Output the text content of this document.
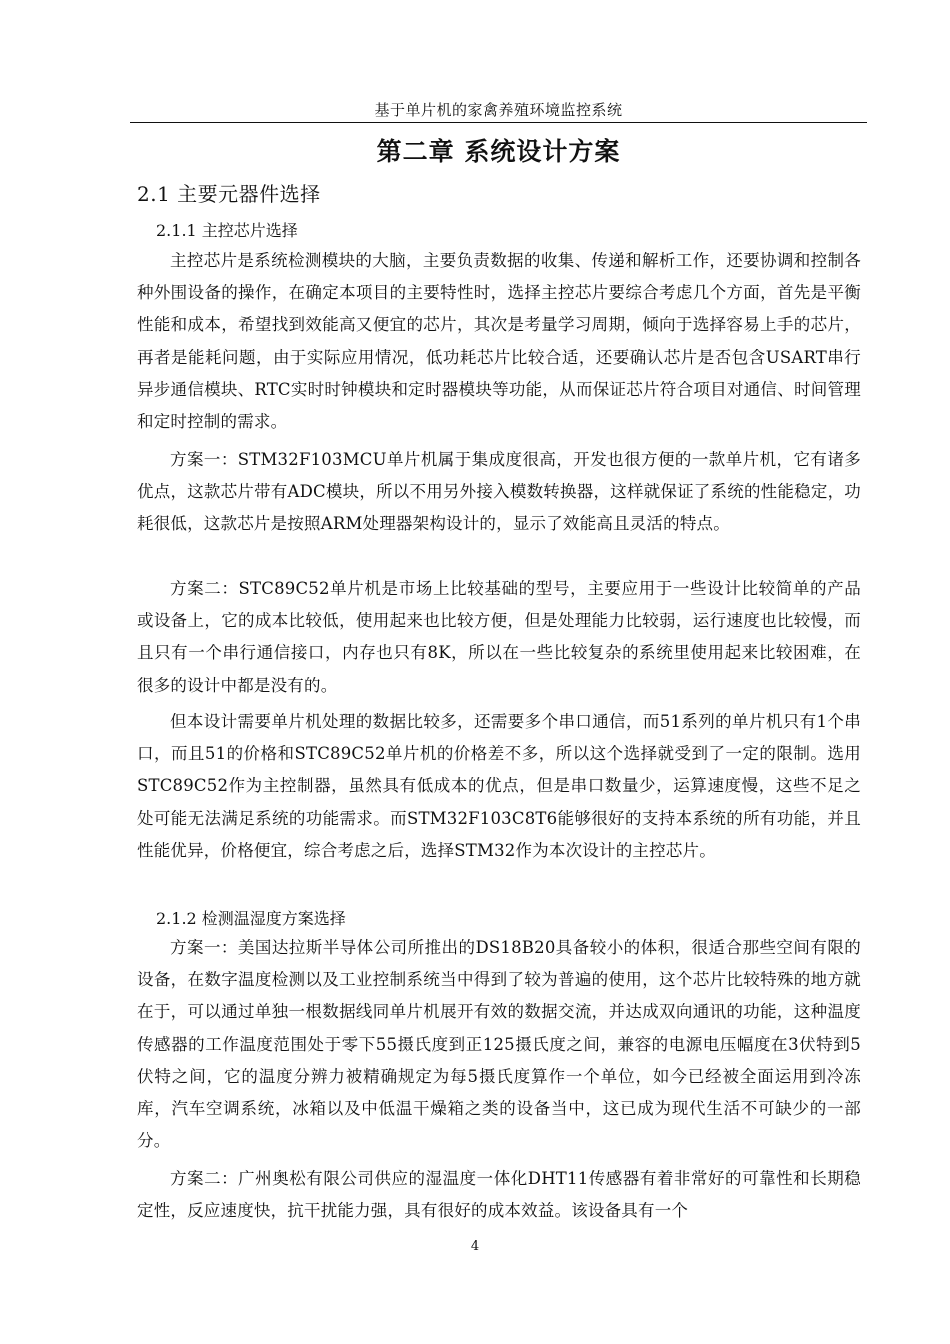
基于单片机的家禽养殖环境监控系统
第二章 系统设计方案
2.1 主要元器件选择
2.1.1 主控芯片选择

主控芯片是系统检测模块的大脑，主要负责数据的收集、传递和解析工作，还要协调和控制各种外围设备的操作，在确定本项目的主要特性时，选择主控芯片要综合考虑几个方面，首先是平衡性能和成本，希望找到效能高又便宜的芯片，其次是考量学习周期，倾向于选择容易上手的芯片，再者是能耗问题，由于实际应用情况，低功耗芯片比较合适，还要确认芯片是否包含USART串行异步通信模块、RTC实时时钟模块和定时器模块等功能，从而保证芯片符合项目对通信、时间管理和定时控制的需求。

方案一：STM32F103MCU单片机属于集成度很高，开发也很方便的一款单片机，它有诸多优点，这款芯片带有ADC模块，所以不用另外接入模数转换器，这样就保证了系统的性能稳定，功耗很低，这款芯片是按照ARM处理器架构设计的，显示了效能高且灵活的特点。

方案二：STC89C52单片机是市场上比较基础的型号，主要应用于一些设计比较简单的产品或设备上，它的成本比较低，使用起来也比较方便，但是处理能力比较弱，运行速度也比较慢，而且只有一个串行通信接口，内存也只有8K，所以在一些比较复杂的系统里使用起来比较困难，在很多的设计中都是没有的。

但本设计需要单片机处理的数据比较多，还需要多个串口通信，而51系列的单片机只有1个串口，而且51的价格和STC89C52单片机的价格差不多，所以这个选择就受到了一定的限制。选用STC89C52作为主控制器，虽然具有低成本的优点，但是串口数量少，运算速度慢，这些不足之处可能无法满足系统的功能需求。而STM32F103C8T6能够很好的支持本系统的所有功能，并且性能优异，价格便宜，综合考虑之后，选择STM32作为本次设计的主控芯片。

2.1.2 检测温湿度方案选择

方案一：美国达拉斯半导体公司所推出的DS18B20具备较小的体积，很适合那些空间有限的设备，在数字温度检测以及工业控制系统当中得到了较为普遍的使用，这个芯片比较特殊的地方就在于，可以通过单独一根数据线同单片机展开有效的数据交流，并达成双向通讯的功能，这种温度传感器的工作温度范围处于零下55摄氏度到正125摄氏度之间，兼容的电源电压幅度在3伏特到5伏特之间，它的温度分辨力被精确规定为每5摄氏度算作一个单位，如今已经被全面运用到冷冻库，汽车空调系统，冰箱以及中低温干燥箱之类的设备当中，这已成为现代生活不可缺少的一部分。

方案二：广州奥松有限公司供应的湿温度一体化DHT11传感器有着非常好的可靠性和长期稳定性，反应速度快，抗干扰能力强，具有很好的成本效益。该设备具有一个

4
